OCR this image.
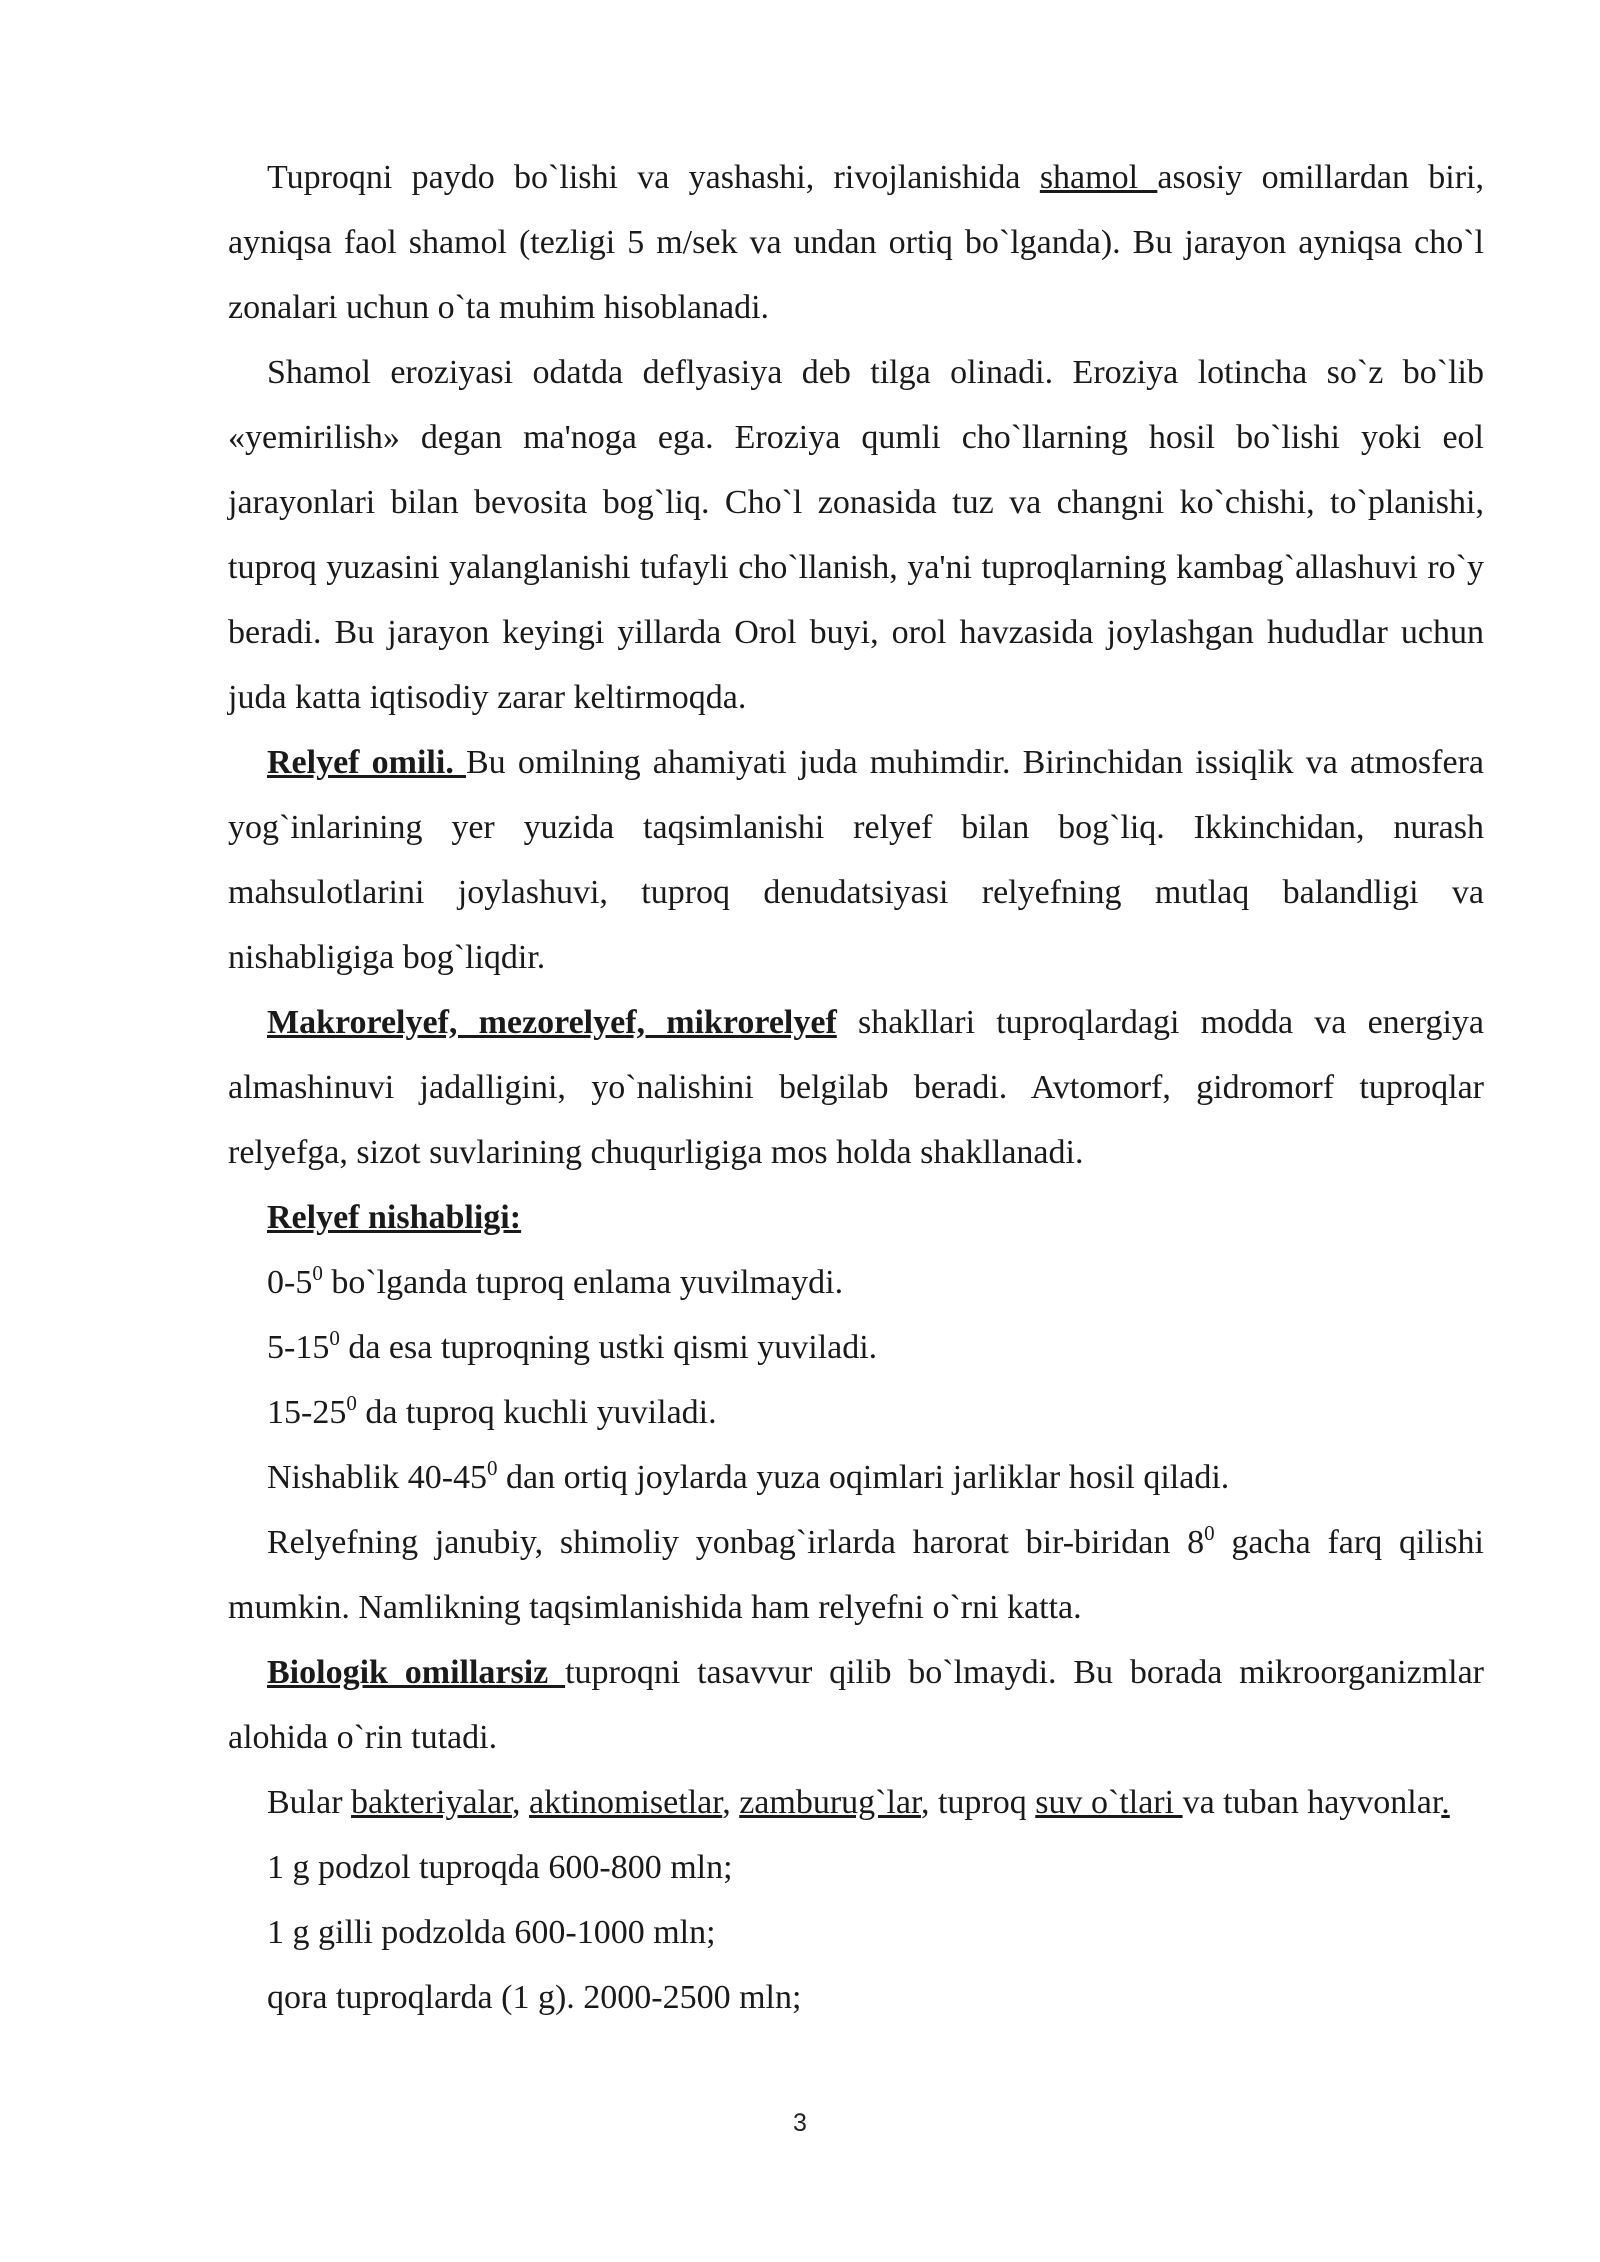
Tuproqni paydo bo`lishi va yashashi, rivojlanishida shamol asosiy omillardan biri, ayniqsa faol shamol (tezligi 5 m/sek va undan ortiq bo`lganda). Bu jarayon ayniqsa cho`l zonalari uchun o`ta muhim hisoblanadi.

Shamol eroziyasi odatda deflyasiya deb tilga olinadi. Eroziya lotincha so`z bo`lib «yemirilish» degan ma'noga ega. Eroziya qumli cho`llarning hosil bo`lishi yoki eol jarayonlari bilan bevosita bog`liq. Cho`l zonasida tuz va changni ko`chishi, to`planishi, tuproq yuzasini yalanglanishi tufayli cho`llanish, ya'ni tuproqlarning kambag`allashuvi ro`y beradi. Bu jarayon keyingi yillarda Orol buyi, orol havzasida joylashgan hududlar uchun juda katta iqtisodiy zarar keltirmoqda.

Relyef omili. Bu omilning ahamiyati juda muhimdir. Birinchidan issiqlik va atmosfera yog`inlarining yer yuzida taqsimlanishi relyef bilan bog`liq. Ikkinchidan, nurash mahsulotlarini joylashuvi, tuproq denudatsiyasi relyefning mutlaq balandligi va nishabligiga bog`liqdir.

Makrorelyef, mezorelyef, mikrorelyef shakllari tuproqlardagi modda va energiya almashinuvi jadalligini, yo`nalishini belgilab beradi. Avtomorf, gidromorf tuproqlar relyefga, sizot suvlarining chuqurligiga mos holda shakllanadi.

Relyef nishabligi:

$0-5^0$ bo`lganda tuproq enlama yuvilmaydi.

$5-15^0$ da esa tuproqning ustki qismi yuviladi.

$15-25^0$ da tuproq kuchli yuviladi.

Nishablik $40-45^0$ dan ortiq joylarda yuza oqimlari jarliklar hosil qiladi.

Relyefning janubiy, shimoliy yonbag`irlarda harorat bir-biridan $8^0$ gacha farq qilishi mumkin. Namlikning taqsimlanishida ham relyefni o`rni katta.

Biologik omillarsiz tuproqni tasavvur qilib bo`lmaydi. Bu borada mikroorganizmlar alohida o`rin tutadi.

Bular bakteriyalar, aktinomisetlar, zamburug`lar, tuproq suv o`tlari va tuban hayvonlar.

1 g podzol tuproqda 600-800 mln;

1 g gilli podzolda 600-1000 mln;

qora tuproqlarda (1 g). 2000-2500 mln;

3
